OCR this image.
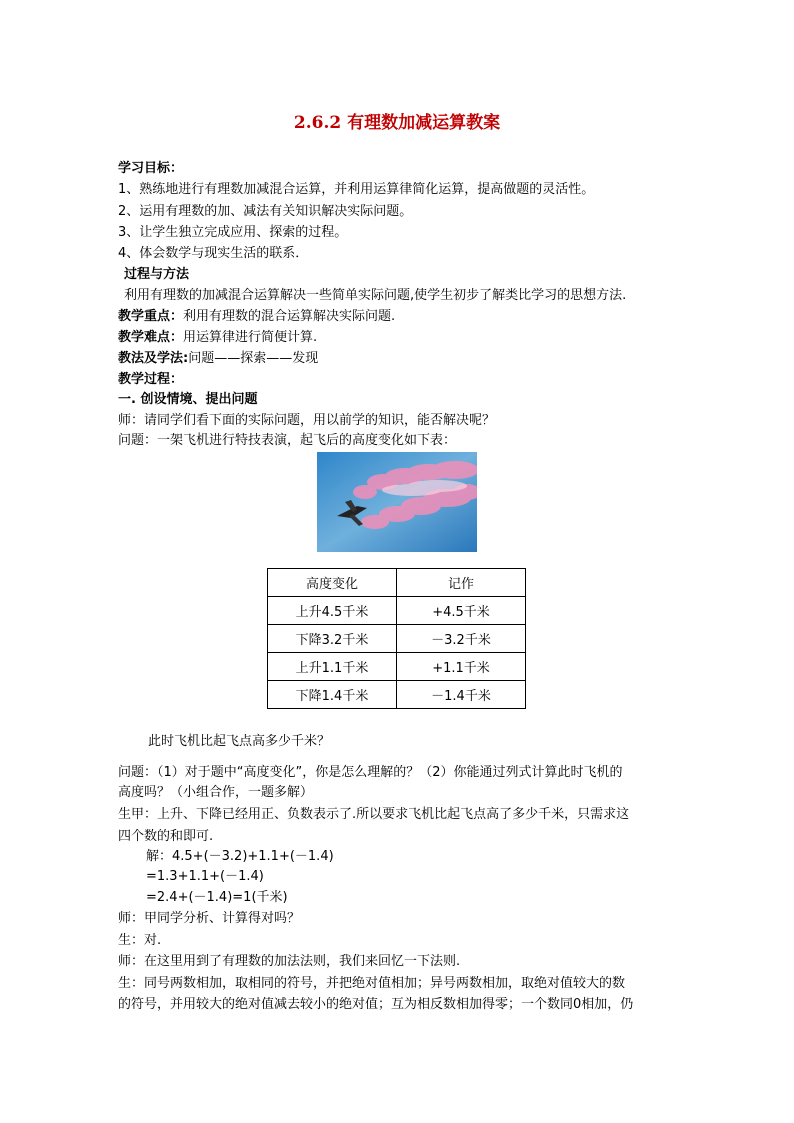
2.6.2 有理数加减运算教案
学习目标：
1、熟练地进行有理数加减混合运算，并利用运算律简化运算，提高做题的灵活性。
2、运用有理数的加、减法有关知识解决实际问题。
3、让学生独立完成应用、探索的过程。
4、体会数学与现实生活的联系．
过程与方法
利用有理数的加减混合运算解决一些简单实际问题,使学生初步了解类比学习的思想方法.
教学重点：利用有理数的混合运算解决实际问题.
教学难点：用运算律进行简便计算.
教法及学法:问题——探索——发现
教学过程：
一. 创设情境、提出问题
师：请同学们看下面的实际问题，用以前学的知识，能否解决呢？
问题：一架飞机进行特技表演，起飞后的高度变化如下表：
高度变化	记作
上升4.5千米	+4.5千米
下降3.2千米	－3.2千米
上升1.1千米	+1.1千米
下降1.4千米	－1.4千米
此时飞机比起飞点高多少千米？
问题：（1）对于题中“高度变化”，你是怎么理解的？（2）你能通过列式计算此时飞机的
高度吗？（小组合作，一题多解）
生甲：上升、下降已经用正、负数表示了.所以要求飞机比起飞点高了多少千米，只需求这
四个数的和即可.
解：4.5+(－3.2)+1.1+(－1.4)
=1.3+1.1+(－1.4)
=2.4+(－1.4)=1(千米)
师：甲同学分析、计算得对吗？
生：对.
师：在这里用到了有理数的加法法则，我们来回忆一下法则.
生：同号两数相加，取相同的符号，并把绝对值相加；异号两数相加，取绝对值较大的数
的符号，并用较大的绝对值减去较小的绝对值；互为相反数相加得零；一个数同0相加，仍
